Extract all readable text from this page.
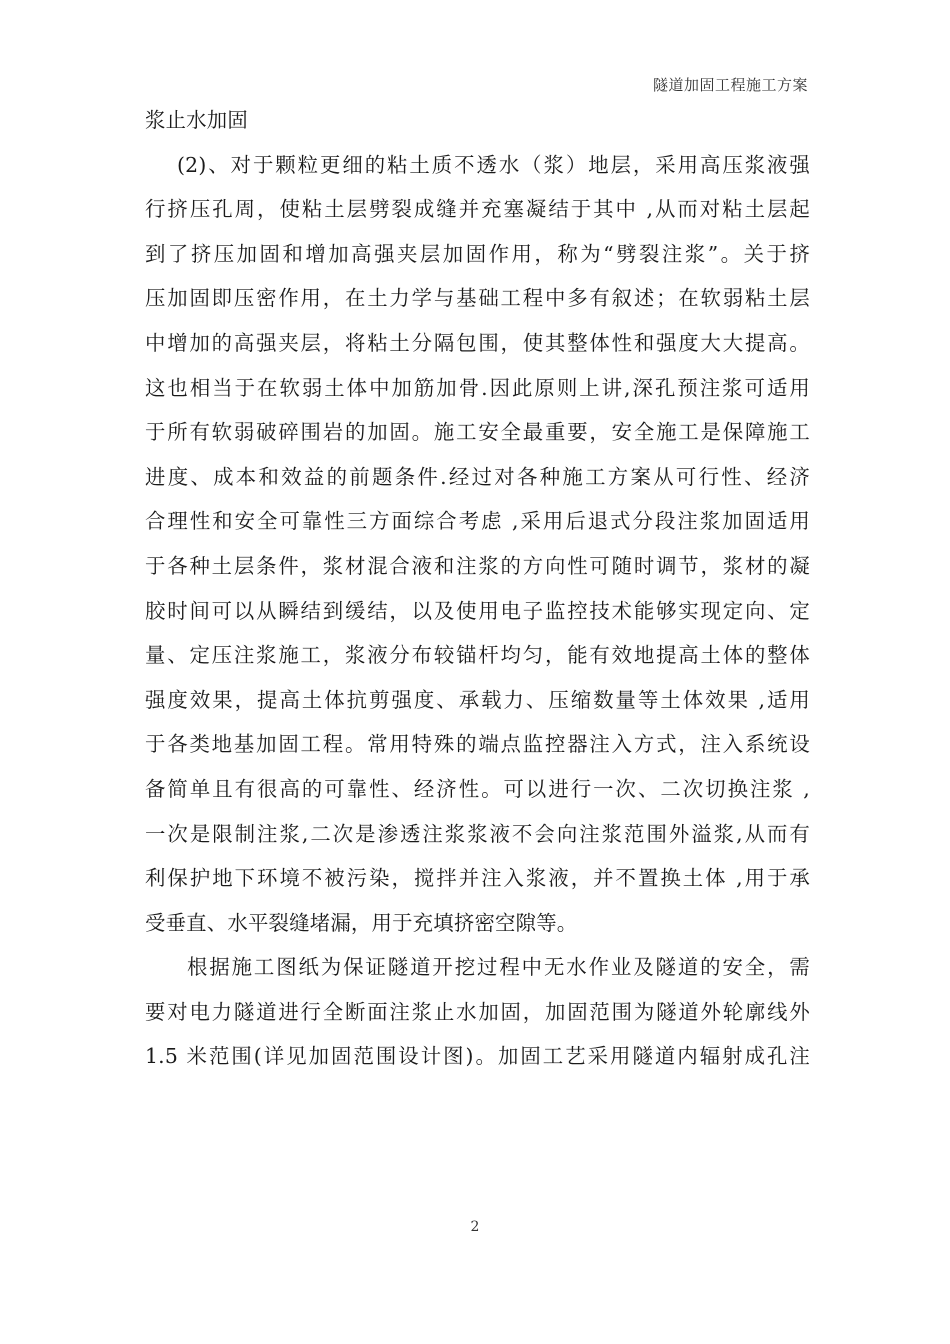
隧道加固工程施工方案
浆止水加固
(2)、对于颗粒更细的粘土质不透水（浆）地层，采用高压浆液强
行挤压孔周，使粘土层劈裂成缝并充塞凝结于其中 ,从而对粘土层起
到了挤压加固和增加高强夹层加固作用，称为“劈裂注浆”。关于挤
压加固即压密作用，在土力学与基础工程中多有叙述；在软弱粘土层
中增加的高强夹层，将粘土分隔包围，使其整体性和强度大大提高。
这也相当于在软弱土体中加筋加骨.因此原则上讲,深孔预注浆可适用
于所有软弱破碎围岩的加固。施工安全最重要，安全施工是保障施工
进度、成本和效益的前题条件.经过对各种施工方案从可行性、经济
合理性和安全可靠性三方面综合考虑 ,采用后退式分段注浆加固适用
于各种土层条件，浆材混合液和注浆的方向性可随时调节，浆材的凝
胶时间可以从瞬结到缓结，以及使用电子监控技术能够实现定向、定
量、定压注浆施工，浆液分布较锚杆均匀，能有效地提高土体的整体
强度效果，提高土体抗剪强度、承载力、压缩数量等土体效果 ,适用
于各类地基加固工程。常用特殊的端点监控器注入方式，注入系统设
备简单且有很高的可靠性、经济性。可以进行一次、二次切换注浆 ,
一次是限制注浆,二次是渗透注浆浆液不会向注浆范围外溢浆,从而有
利保护地下环境不被污染，搅拌并注入浆液，并不置换土体 ,用于承
受垂直、水平裂缝堵漏，用于充填挤密空隙等。
根据施工图纸为保证隧道开挖过程中无水作业及隧道的安全，需
要对电力隧道进行全断面注浆止水加固，加固范围为隧道外轮廓线外
1.5 米范围(详见加固范围设计图)。加固工艺采用隧道内辐射成孔注
2
